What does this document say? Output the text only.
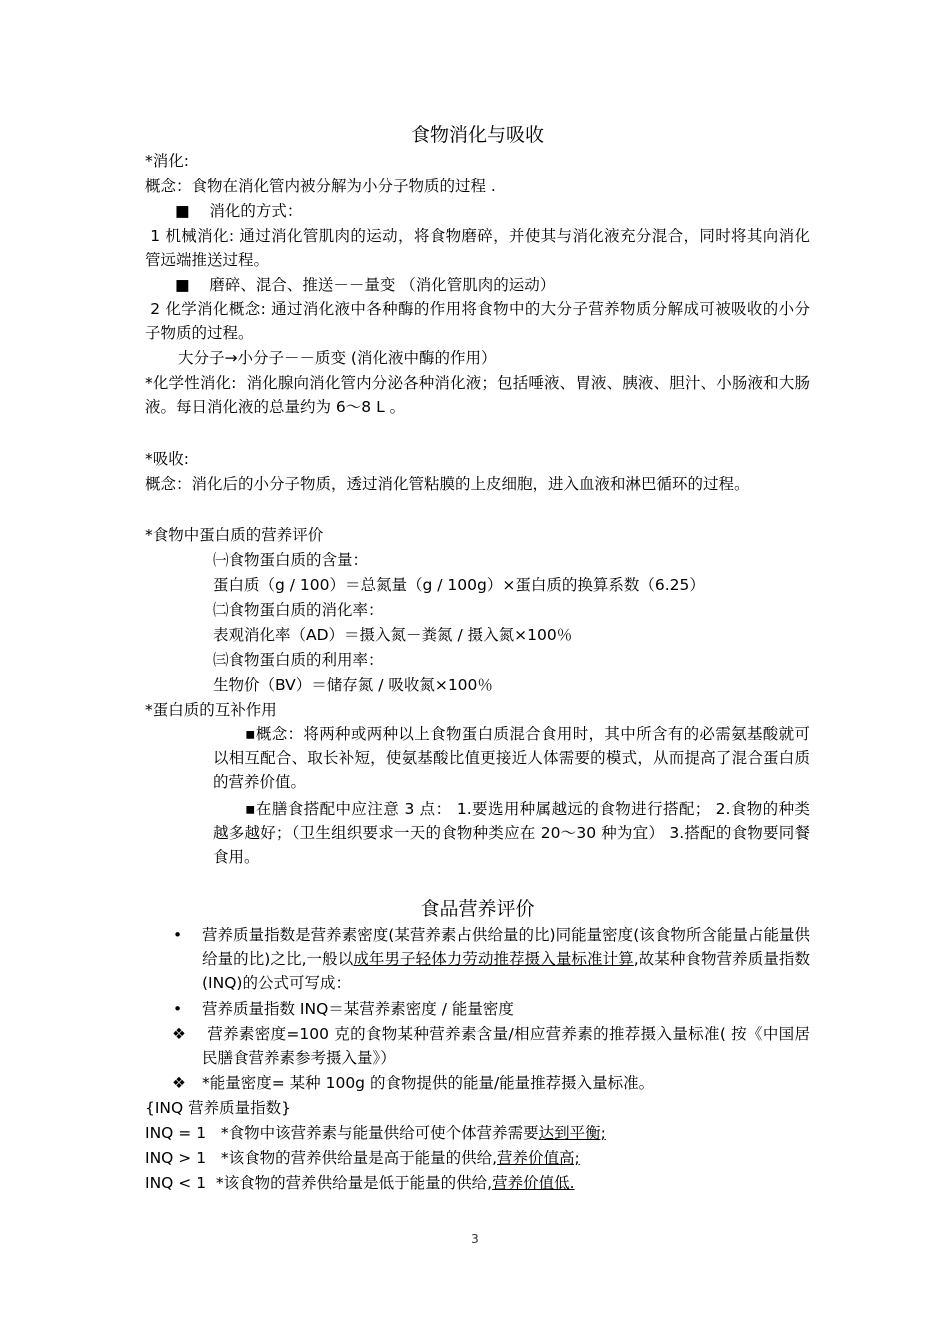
食物消化与吸收
*消化:
概念：食物在消化管内被分解为小分子物质的过程 .
■    消化的方式：
1 机械消化: 通过消化管肌肉的运动，将食物磨碎，并使其与消化液充分混合，同时将其向消化管远端推送过程。
■    磨碎、混合、推送－－量变 （消化管肌肉的运动）
2 化学消化概念: 通过消化液中各种酶的作用将食物中的大分子营养物质分解成可被吸收的小分子物质的过程。
大分子→小分子－－质变 (消化液中酶的作用）
*化学性消化:  消化腺向消化管内分泌各种消化液；包括唾液、胃液、胰液、胆汁、小肠液和大肠液。每日消化液的总量约为 6～8 L 。
*吸收:
概念：消化后的小分子物质，透过消化管粘膜的上皮细胞，进入血液和淋巴循环的过程。
*食物中蛋白质的营养评价
㈠食物蛋白质的含量：
蛋白质（g / 100）＝总氮量（g / 100g）×蛋白质的换算系数（6.25）
㈡食物蛋白质的消化率：
表观消化率（AD）＝摄入氮－粪氮 / 摄入氮×100％
㈢食物蛋白质的利用率：
生物价（BV）＝储存氮 / 吸收氮×100％
*蛋白质的互补作用
▪概念：将两种或两种以上食物蛋白质混合食用时，其中所含有的必需氨基酸就可以相互配合、取长补短，使氨基酸比值更接近人体需要的模式，从而提高了混合蛋白质的营养价值。
▪在膳食搭配中应注意 3 点： 1.要选用种属越远的食物进行搭配； 2.食物的种类越多越好；（卫生组织要求一天的食物种类应在 20～30 种为宜） 3.搭配的食物要同餐食用。
食品营养评价
• 营养质量指数是营养素密度(某营养素占供给量的比)同能量密度(该食物所含能量占能量供给量的比)之比,一般以成年男子轻体力劳动推荐摄入量标准计算,故某种食物营养质量指数(INQ)的公式可写成：
• 营养质量指数 INQ＝某营养素密度 / 能量密度
❖ 营养素密度=100 克的食物某种营养素含量/相应营养素的推荐摄入量标准( 按《中国居民膳食营养素参考摄入量》）
❖ *能量密度= 某种 100g 的食物提供的能量/能量推荐摄入量标准。
{INQ 营养质量指数}
INQ = 1   *食物中该营养素与能量供给可使个体营养需要达到平衡;
INQ > 1   *该食物的营养供给量是高于能量的供给,营养价值高;
INQ < 1  *该食物的营养供给量是低于能量的供给,营养价值低.
3
